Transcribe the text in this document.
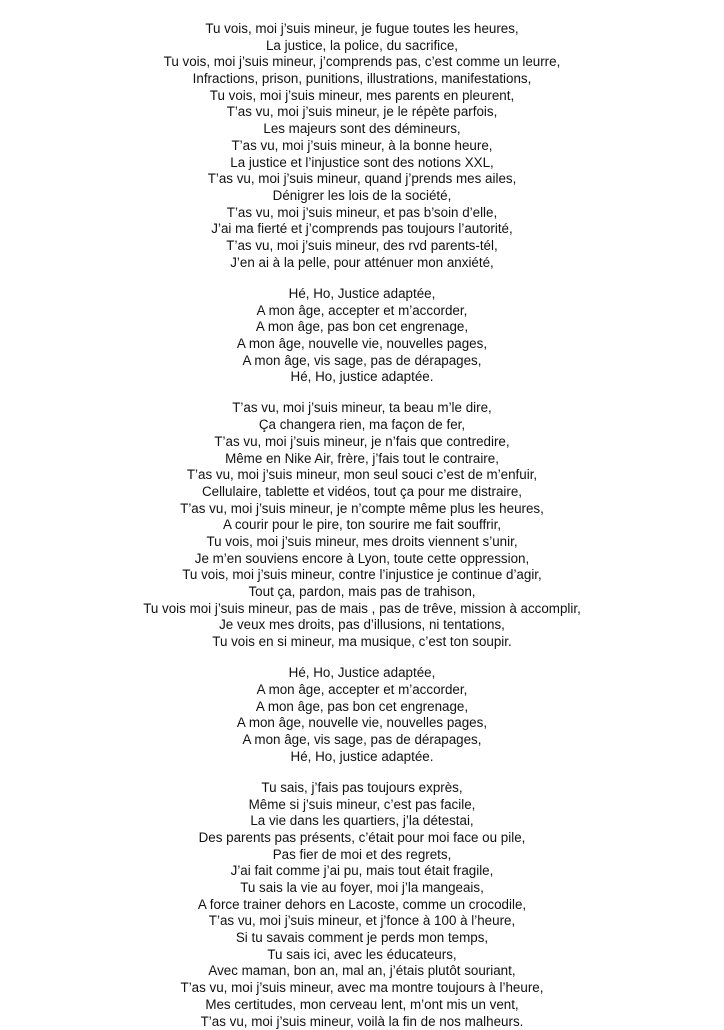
Tu vois, moi j’suis mineur, je fugue toutes les heures,
La justice, la police, du sacrifice,
Tu vois, moi j’suis mineur, j’comprends pas, c’est comme un leurre,
Infractions, prison, punitions, illustrations, manifestations,
Tu vois, moi j’suis mineur, mes parents en pleurent,
T’as vu, moi j’suis mineur, je le répète parfois,
Les majeurs sont des démineurs,
T’as vu, moi j’suis mineur, à la bonne heure,
La justice et l’injustice sont des notions XXL,
T’as vu, moi j’suis mineur, quand j’prends mes ailes,
Dénigrer les lois de la société,
T’as vu, moi j’suis mineur, et pas b’soin d’elle,
J’ai ma fierté et j’comprends pas toujours l’autorité,
T’as vu, moi j’suis mineur, des rvd parents-tél,
J’en ai à la pelle, pour atténuer mon anxiété,
Hé, Ho, Justice adaptée,
A mon âge, accepter et m’accorder,
A mon âge, pas bon cet engrenage,
A mon âge, nouvelle vie, nouvelles pages,
A mon âge, vis sage, pas de dérapages,
Hé, Ho, justice adaptée.
T’as vu, moi j’suis mineur, ta beau m’le dire,
Ça changera rien, ma façon de fer,
T’as vu, moi j’suis mineur, je n’fais que contredire,
Même en Nike Air, frère, j’fais tout le contraire,
T’as vu, moi j’suis mineur, mon seul souci c’est de m’enfuir,
Cellulaire, tablette et vidéos, tout ça pour me distraire,
T’as vu, moi j’suis mineur, je n’compte même plus les heures,
A courir pour le pire, ton sourire me fait souffrir,
Tu vois, moi j’suis mineur, mes droits viennent s’unir,
Je m’en souviens encore à Lyon, toute cette oppression,
Tu vois, moi j’suis mineur, contre l’injustice je continue d’agir,
Tout ça, pardon, mais pas de trahison,
Tu vois moi j’suis mineur, pas de mais , pas de trêve, mission à accomplir,
Je veux mes droits, pas d’illusions, ni tentations,
Tu vois en si mineur, ma musique, c’est ton soupir.
Hé, Ho, Justice adaptée,
A mon âge, accepter et m’accorder,
A mon âge, pas bon cet engrenage,
A mon âge, nouvelle vie, nouvelles pages,
A mon âge, vis sage, pas de dérapages,
Hé, Ho, justice adaptée.
Tu sais, j’fais pas toujours exprès,
Même si j’suis mineur, c’est pas facile,
La vie dans les quartiers, j’la détestai,
Des parents pas présents, c’était pour moi face ou pile,
Pas fier de moi et des regrets,
J’ai fait comme j’ai pu, mais tout était fragile,
Tu sais la vie au foyer, moi j’la mangeais,
A force trainer dehors en Lacoste, comme un crocodile,
T’as vu, moi j’suis mineur, et j’fonce à 100 à l’heure,
Si tu savais comment je perds mon temps,
Tu sais ici, avec les éducateurs,
Avec maman, bon an, mal an, j’étais plutôt souriant,
T’as vu, moi j’suis mineur, avec ma montre toujours à l’heure,
Mes certitudes, mon cerveau lent, m’ont mis un vent,
T’as vu, moi j’suis mineur, voilà la fin de nos malheurs.
